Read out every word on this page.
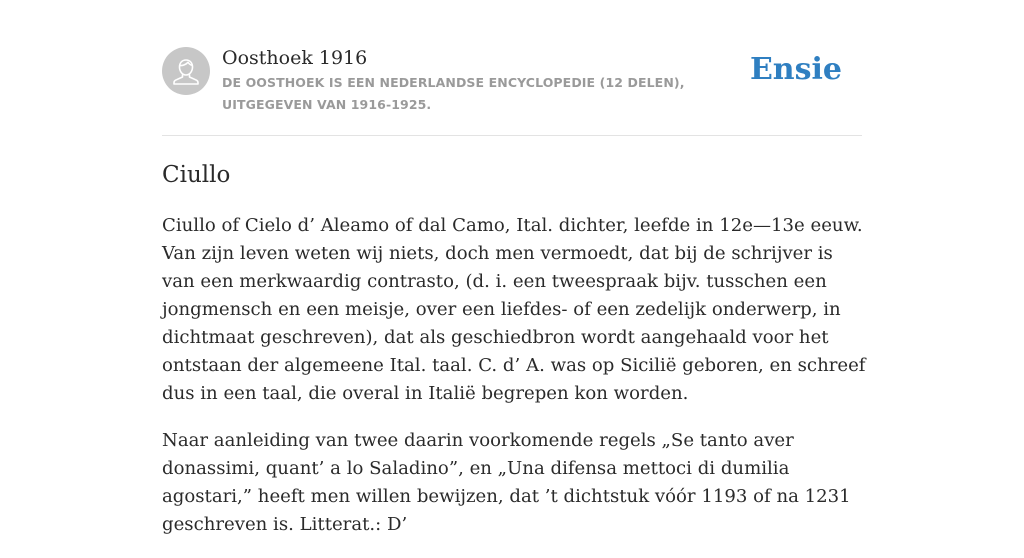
Oosthoek 1916
DE OOSTHOEK IS EEN NEDERLANDSE ENCYCLOPEDIE (12 DELEN), UITGEGEVEN VAN 1916-1925.
Ensie
Ciullo

Ciullo of Cielo d’ Aleamo of dal Camo, Ital. dichter, leefde in 12e—13e eeuw. Van zijn leven weten wij niets, doch men vermoedt, dat bij de schrijver is van een merkwaardig contrasto, (d. i. een tweespraak bijv. tusschen een jongmensch en een meisje, over een liefdes- of een zedelijk onderwerp, in dichtmaat geschreven), dat als geschiedbron wordt aangehaald voor het ontstaan der algemeene Ital. taal. C. d’ A. was op Sicilië geboren, en schreef dus in een taal, die overal in Italië begrepen kon worden.

Naar aanleiding van twee daarin voorkomende regels „Se tanto aver donassimi, quant’ a lo Saladino”, en „Una difensa mettoci di dumilia agostari,” heeft men willen bewijzen, dat ’t dichtstuk vóór 1193 of na 1231 geschreven is. Litterat.: D’
